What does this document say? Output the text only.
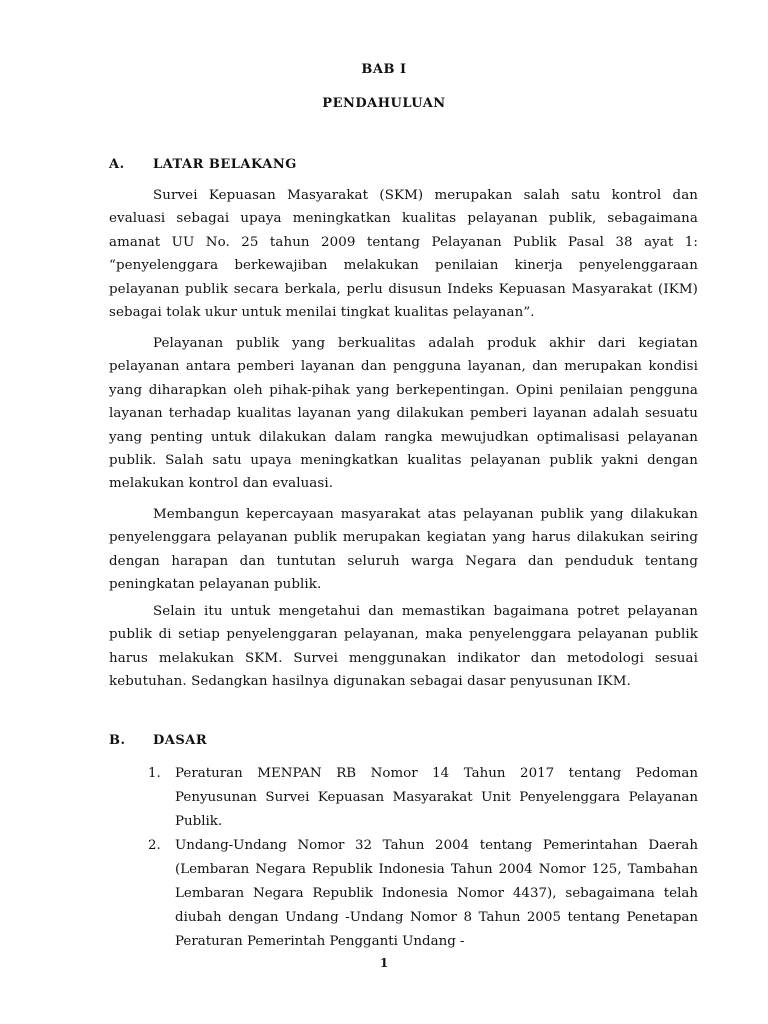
BAB I
PENDAHULUAN
A. LATAR BELAKANG

Survei Kepuasan Masyarakat (SKM) merupakan salah satu kontrol dan evaluasi sebagai upaya meningkatkan kualitas pelayanan publik, sebagaimana amanat UU No. 25 tahun 2009 tentang Pelayanan Publik Pasal 38 ayat 1: “penyelenggara berkewajiban melakukan penilaian kinerja penyelenggaraan pelayanan publik secara berkala, perlu disusun Indeks Kepuasan Masyarakat (IKM) sebagai tolak ukur untuk menilai tingkat kualitas pelayanan”.

Pelayanan publik yang berkualitas adalah produk akhir dari kegiatan pelayanan antara pemberi layanan dan pengguna layanan, dan merupakan kondisi yang diharapkan oleh pihak-pihak yang berkepentingan. Opini penilaian pengguna layanan terhadap kualitas layanan yang dilakukan pemberi layanan adalah sesuatu yang penting untuk dilakukan dalam rangka mewujudkan optimalisasi pelayanan publik. Salah satu upaya meningkatkan kualitas pelayanan publik yakni dengan melakukan kontrol dan evaluasi.

Membangun kepercayaan masyarakat atas pelayanan publik yang dilakukan penyelenggara pelayanan publik merupakan kegiatan yang harus dilakukan seiring dengan harapan dan tuntutan seluruh warga Negara dan penduduk tentang peningkatan pelayanan publik.

Selain itu untuk mengetahui dan memastikan bagaimana potret pelayanan publik di setiap penyelenggaran pelayanan, maka penyelenggara pelayanan publik harus melakukan SKM. Survei menggunakan indikator dan metodologi sesuai kebutuhan. Sedangkan hasilnya digunakan sebagai dasar penyusunan IKM.

B. DASAR
1. Peraturan MENPAN RB Nomor 14 Tahun 2017 tentang Pedoman Penyusunan Survei Kepuasan Masyarakat Unit Penyelenggara Pelayanan Publik.
2. Undang-Undang Nomor 32 Tahun 2004 tentang Pemerintahan Daerah (Lembaran Negara Republik Indonesia Tahun 2004 Nomor 125, Tambahan Lembaran Negara Republik Indonesia Nomor 4437), sebagaimana telah diubah dengan Undang -Undang Nomor 8 Tahun 2005 tentang Penetapan Peraturan Pemerintah Pengganti Undang -
1
